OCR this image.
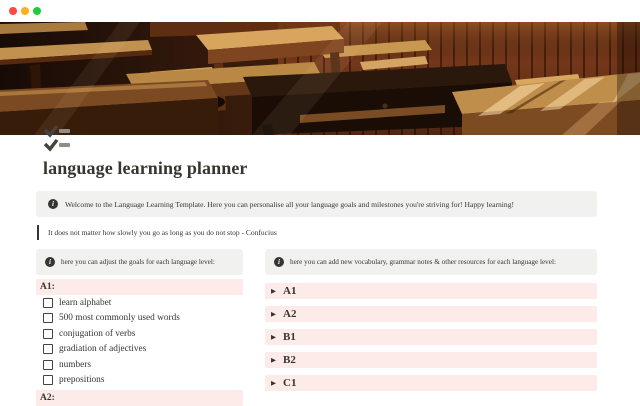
language learning planner
i	Welcome to the Language Learning Template. Here you can personalise all your language goals and milestones you're striving for! Happy learning!
It does not matter how slowly you go as long as you do not stop - Confucius
i	here you can adjust the goals for each language level:
A1:
learn alphabet
500 most commonly used words
conjugation of verbs
gradiation of adjectives
numbers
prepositions
A2:
i	here you can add new vocabulary, grammar notes & other resources for each language level:
▶ A1
▶ A2
▶ B1
▶ B2
▶ C1
